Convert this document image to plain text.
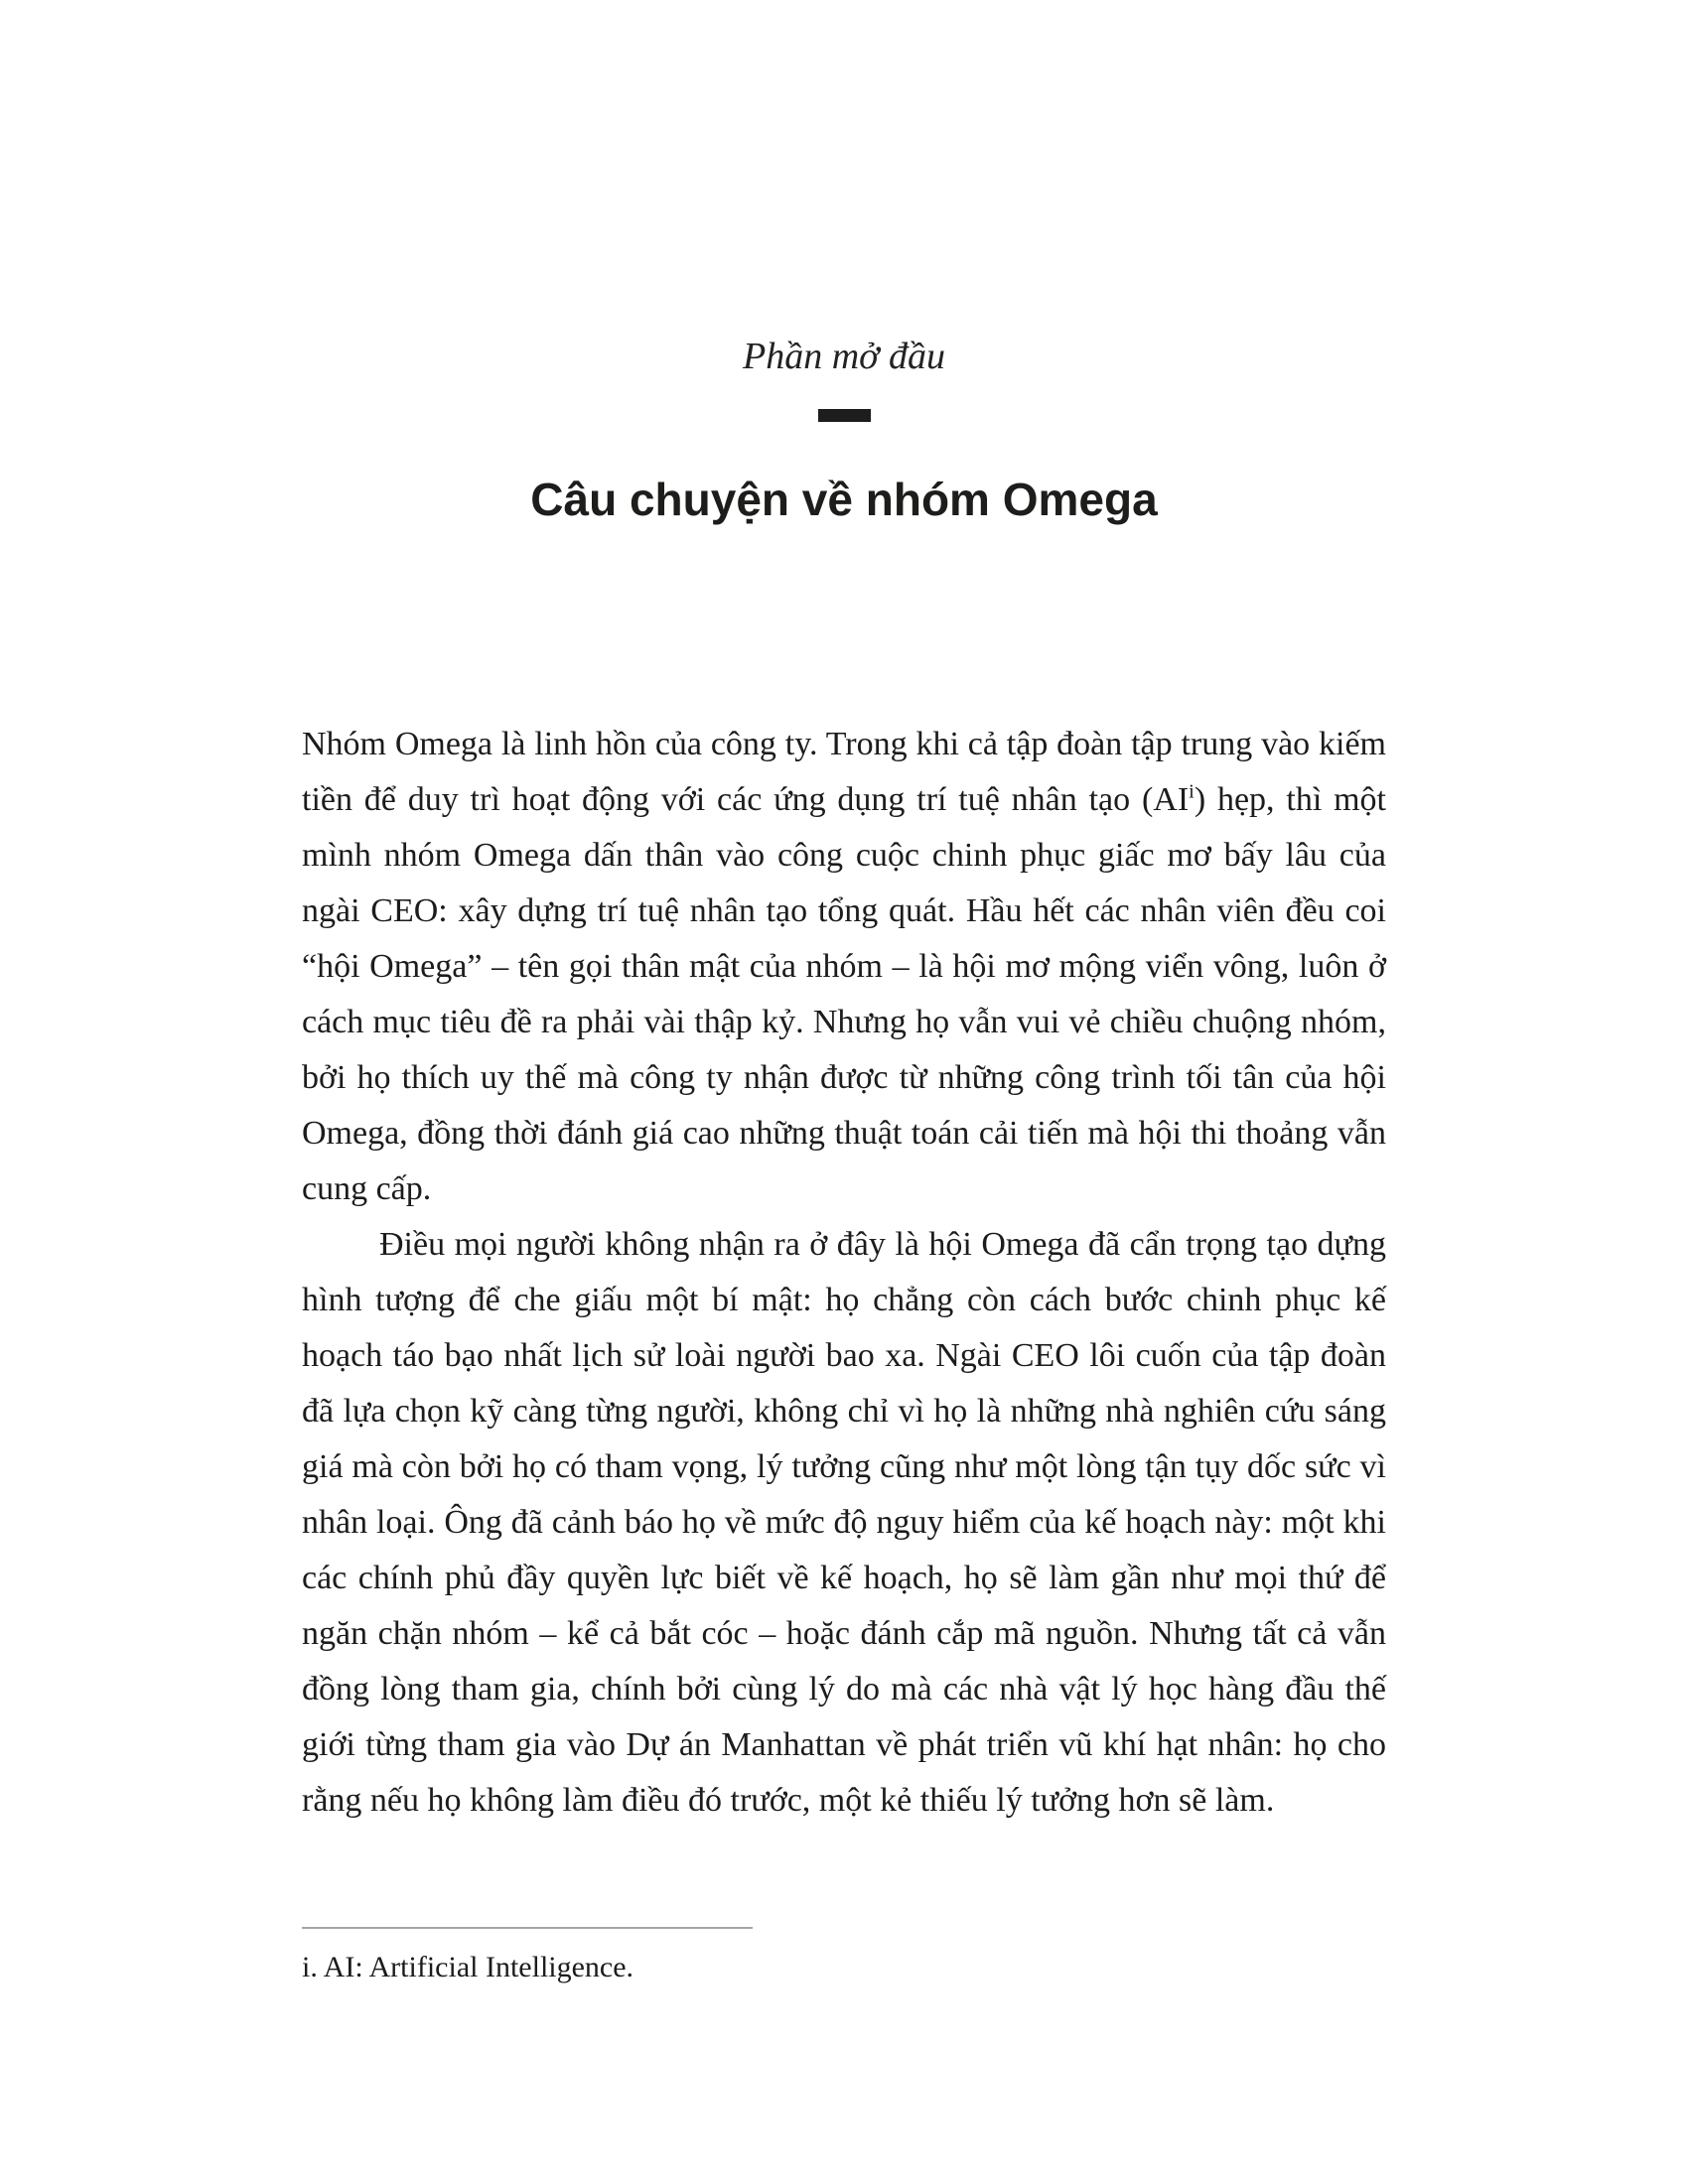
Phần mở đầu
Câu chuyện về nhóm Omega

Nhóm Omega là linh hồn của công ty. Trong khi cả tập đoàn tập trung vào kiếm tiền để duy trì hoạt động với các ứng dụng trí tuệ nhân tạo (AI$^i$) hẹp, thì một mình nhóm Omega dấn thân vào công cuộc chinh phục giấc mơ bấy lâu của ngài CEO: xây dựng trí tuệ nhân tạo tổng quát. Hầu hết các nhân viên đều coi “hội Omega” – tên gọi thân mật của nhóm – là hội mơ mộng viển vông, luôn ở cách mục tiêu đề ra phải vài thập kỷ. Nhưng họ vẫn vui vẻ chiều chuộng nhóm, bởi họ thích uy thế mà công ty nhận được từ những công trình tối tân của hội Omega, đồng thời đánh giá cao những thuật toán cải tiến mà hội thi thoảng vẫn cung cấp.

Điều mọi người không nhận ra ở đây là hội Omega đã cẩn trọng tạo dựng hình tượng để che giấu một bí mật: họ chẳng còn cách bước chinh phục kế hoạch táo bạo nhất lịch sử loài người bao xa. Ngài CEO lôi cuốn của tập đoàn đã lựa chọn kỹ càng từng người, không chỉ vì họ là những nhà nghiên cứu sáng giá mà còn bởi họ có tham vọng, lý tưởng cũng như một lòng tận tụy dốc sức vì nhân loại. Ông đã cảnh báo họ về mức độ nguy hiểm của kế hoạch này: một khi các chính phủ đầy quyền lực biết về kế hoạch, họ sẽ làm gần như mọi thứ để ngăn chặn nhóm – kể cả bắt cóc – hoặc đánh cắp mã nguồn. Nhưng tất cả vẫn đồng lòng tham gia, chính bởi cùng lý do mà các nhà vật lý học hàng đầu thế giới từng tham gia vào Dự án Manhattan về phát triển vũ khí hạt nhân: họ cho rằng nếu họ không làm điều đó trước, một kẻ thiếu lý tưởng hơn sẽ làm.

i. AI: Artificial Intelligence.
